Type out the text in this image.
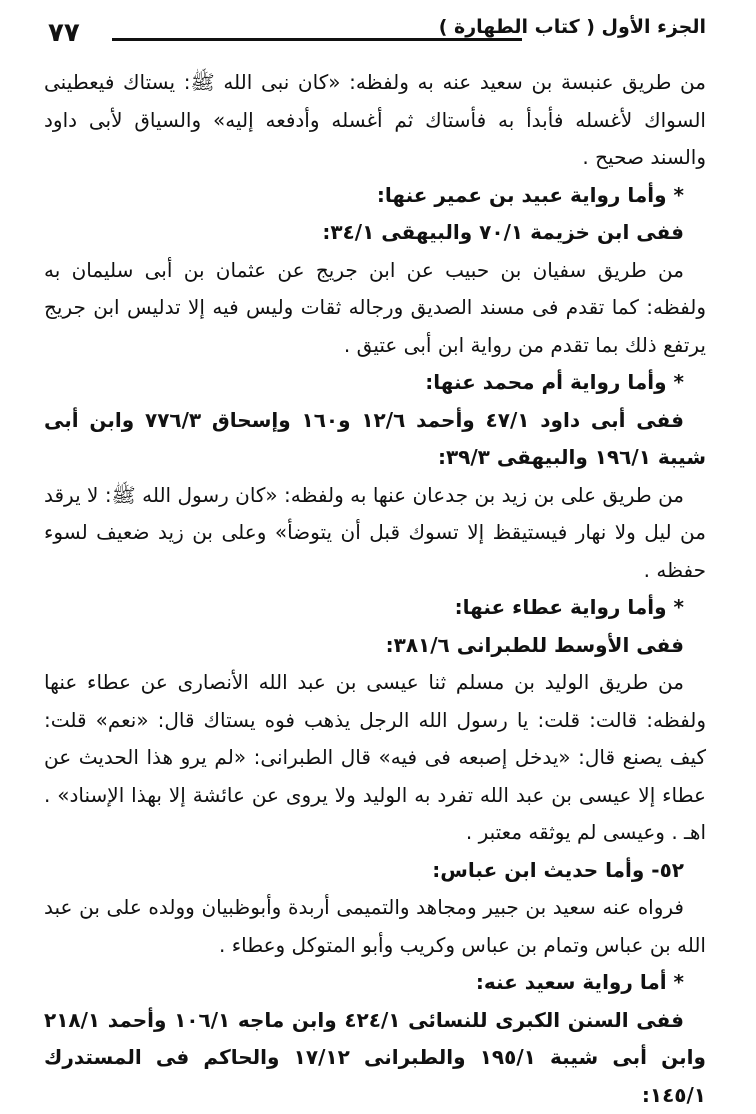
٧٧	الجزء الأول ( كتاب الطهارة )

من طريق عنبسة بن سعيد عنه به ولفظه: «كان نبى الله ﷺ: يستاك فيعطينى السواك لأغسله فأبدأ به فأستاك ثم أغسله وأدفعه إليه» والسياق لأبى داود والسند صحيح .

* وأما رواية عبيد بن عمير عنها:

ففى ابن خزيمة ٧٠/١ والبيهقى ٣٤/١:

من طريق سفيان بن حبيب عن ابن جريج عن عثمان بن أبى سليمان به ولفظه: كما تقدم فى مسند الصديق ورجاله ثقات وليس فيه إلا تدليس ابن جريج يرتفع ذلك بما تقدم من رواية ابن أبى عتيق .

* وأما رواية أم محمد عنها:

ففى أبى داود ٤٧/١ وأحمد ١٢/٦ و١٦٠ وإسحاق ٧٧٦/٣ وابن أبى شيبة ١٩٦/١ والبيهقى ٣٩/٣:

من طريق على بن زيد بن جدعان عنها به ولفظه: «كان رسول الله ﷺ: لا يرقد من ليل ولا نهار فيستيقظ إلا تسوك قبل أن يتوضأ» وعلى بن زيد ضعيف لسوء حفظه .

* وأما رواية عطاء عنها:

ففى الأوسط للطبرانى ٣٨١/٦:

من طريق الوليد بن مسلم ثنا عيسى بن عبد الله الأنصارى عن عطاء عنها ولفظه: قالت: قلت: يا رسول الله الرجل يذهب فوه يستاك قال: «نعم» قلت: كيف يصنع قال: «يدخل إصبعه فى فيه» قال الطبرانى: «لم يرو هذا الحديث عن عطاء إلا عيسى بن عبد الله تفرد به الوليد ولا يروى عن عائشة إلا بهذا الإسناد» . اهـ . وعيسى لم يوثقه معتبر .

٥٢- وأما حديث ابن عباس:

فرواه عنه سعيد بن جبير ومجاهد والتميمى أربدة وأبوظبيان وولده على بن عبد الله بن عباس وتمام بن عباس وكريب وأبو المتوكل وعطاء .

* أما رواية سعيد عنه:

ففى السنن الكبرى للنسائى ٤٢٤/١ وابن ماجه ١٠٦/١ وأحمد ٢١٨/١ وابن أبى شيبة ١٩٥/١ والطبرانى ١٧/١٢ والحاكم فى المستدرك ١٤٥/١:
